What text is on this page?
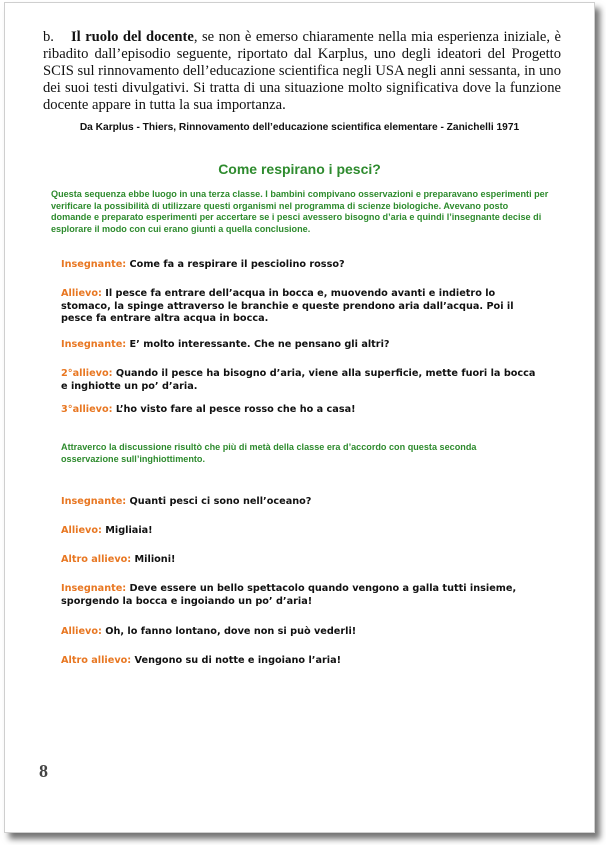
b. Il ruolo del docente, se non è emerso chiaramente nella mia esperienza iniziale, è ribadito dall’episodio seguente, riportato dal Karplus, uno degli ideatori del Progetto SCIS sul rinnovamento dell’educazione scientifica negli USA negli anni sessanta, in uno dei suoi testi divulgativi. Si tratta di una situazione molto significativa dove la funzione docente appare in tutta la sua importanza.

Da Karplus - Thiers, Rinnovamento dell’educazione scientifica elementare - Zanichelli 1971
Come respirano i pesci?

Questa sequenza ebbe luogo in una terza classe. I bambini compivano osservazioni e preparavano esperimenti per verificare la possibilità di utilizzare questi organismi nel programma di scienze biologiche. Avevano posto domande e preparato esperimenti per accertare se i pesci avessero bisogno d’aria e quindi l’insegnante decise di esplorare il modo con cui erano giunti a quella conclusione.

Insegnante: Come fa a respirare il pesciolino rosso?

Allievo: Il pesce fa entrare dell’acqua in bocca e, muovendo avanti e indietro lo stomaco, la spinge attraverso le branchie e queste prendono aria dall’acqua. Poi il pesce fa entrare altra acqua in bocca.

Insegnante: E’ molto interessante. Che ne pensano gli altri?

2°allievo: Quando il pesce ha bisogno d’aria, viene alla superficie, mette fuori la bocca e inghiotte un po’ d’aria.

3°allievo: L’ho visto fare al pesce rosso che ho a casa!

Attraverco la discussione risultò che più di metà della classe era d’accordo con questa seconda osservazione sull’inghiottimento.

Insegnante: Quanti pesci ci sono nell’oceano?

Allievo: Migliaia!

Altro allievo: Milioni!

Insegnante: Deve essere un bello spettacolo quando vengono a galla tutti insieme, sporgendo la bocca e ingoiando un po’ d’aria!

Allievo: Oh, lo fanno lontano, dove non si può vederli!

Altro allievo: Vengono su di notte e ingoiano l’aria!

8
